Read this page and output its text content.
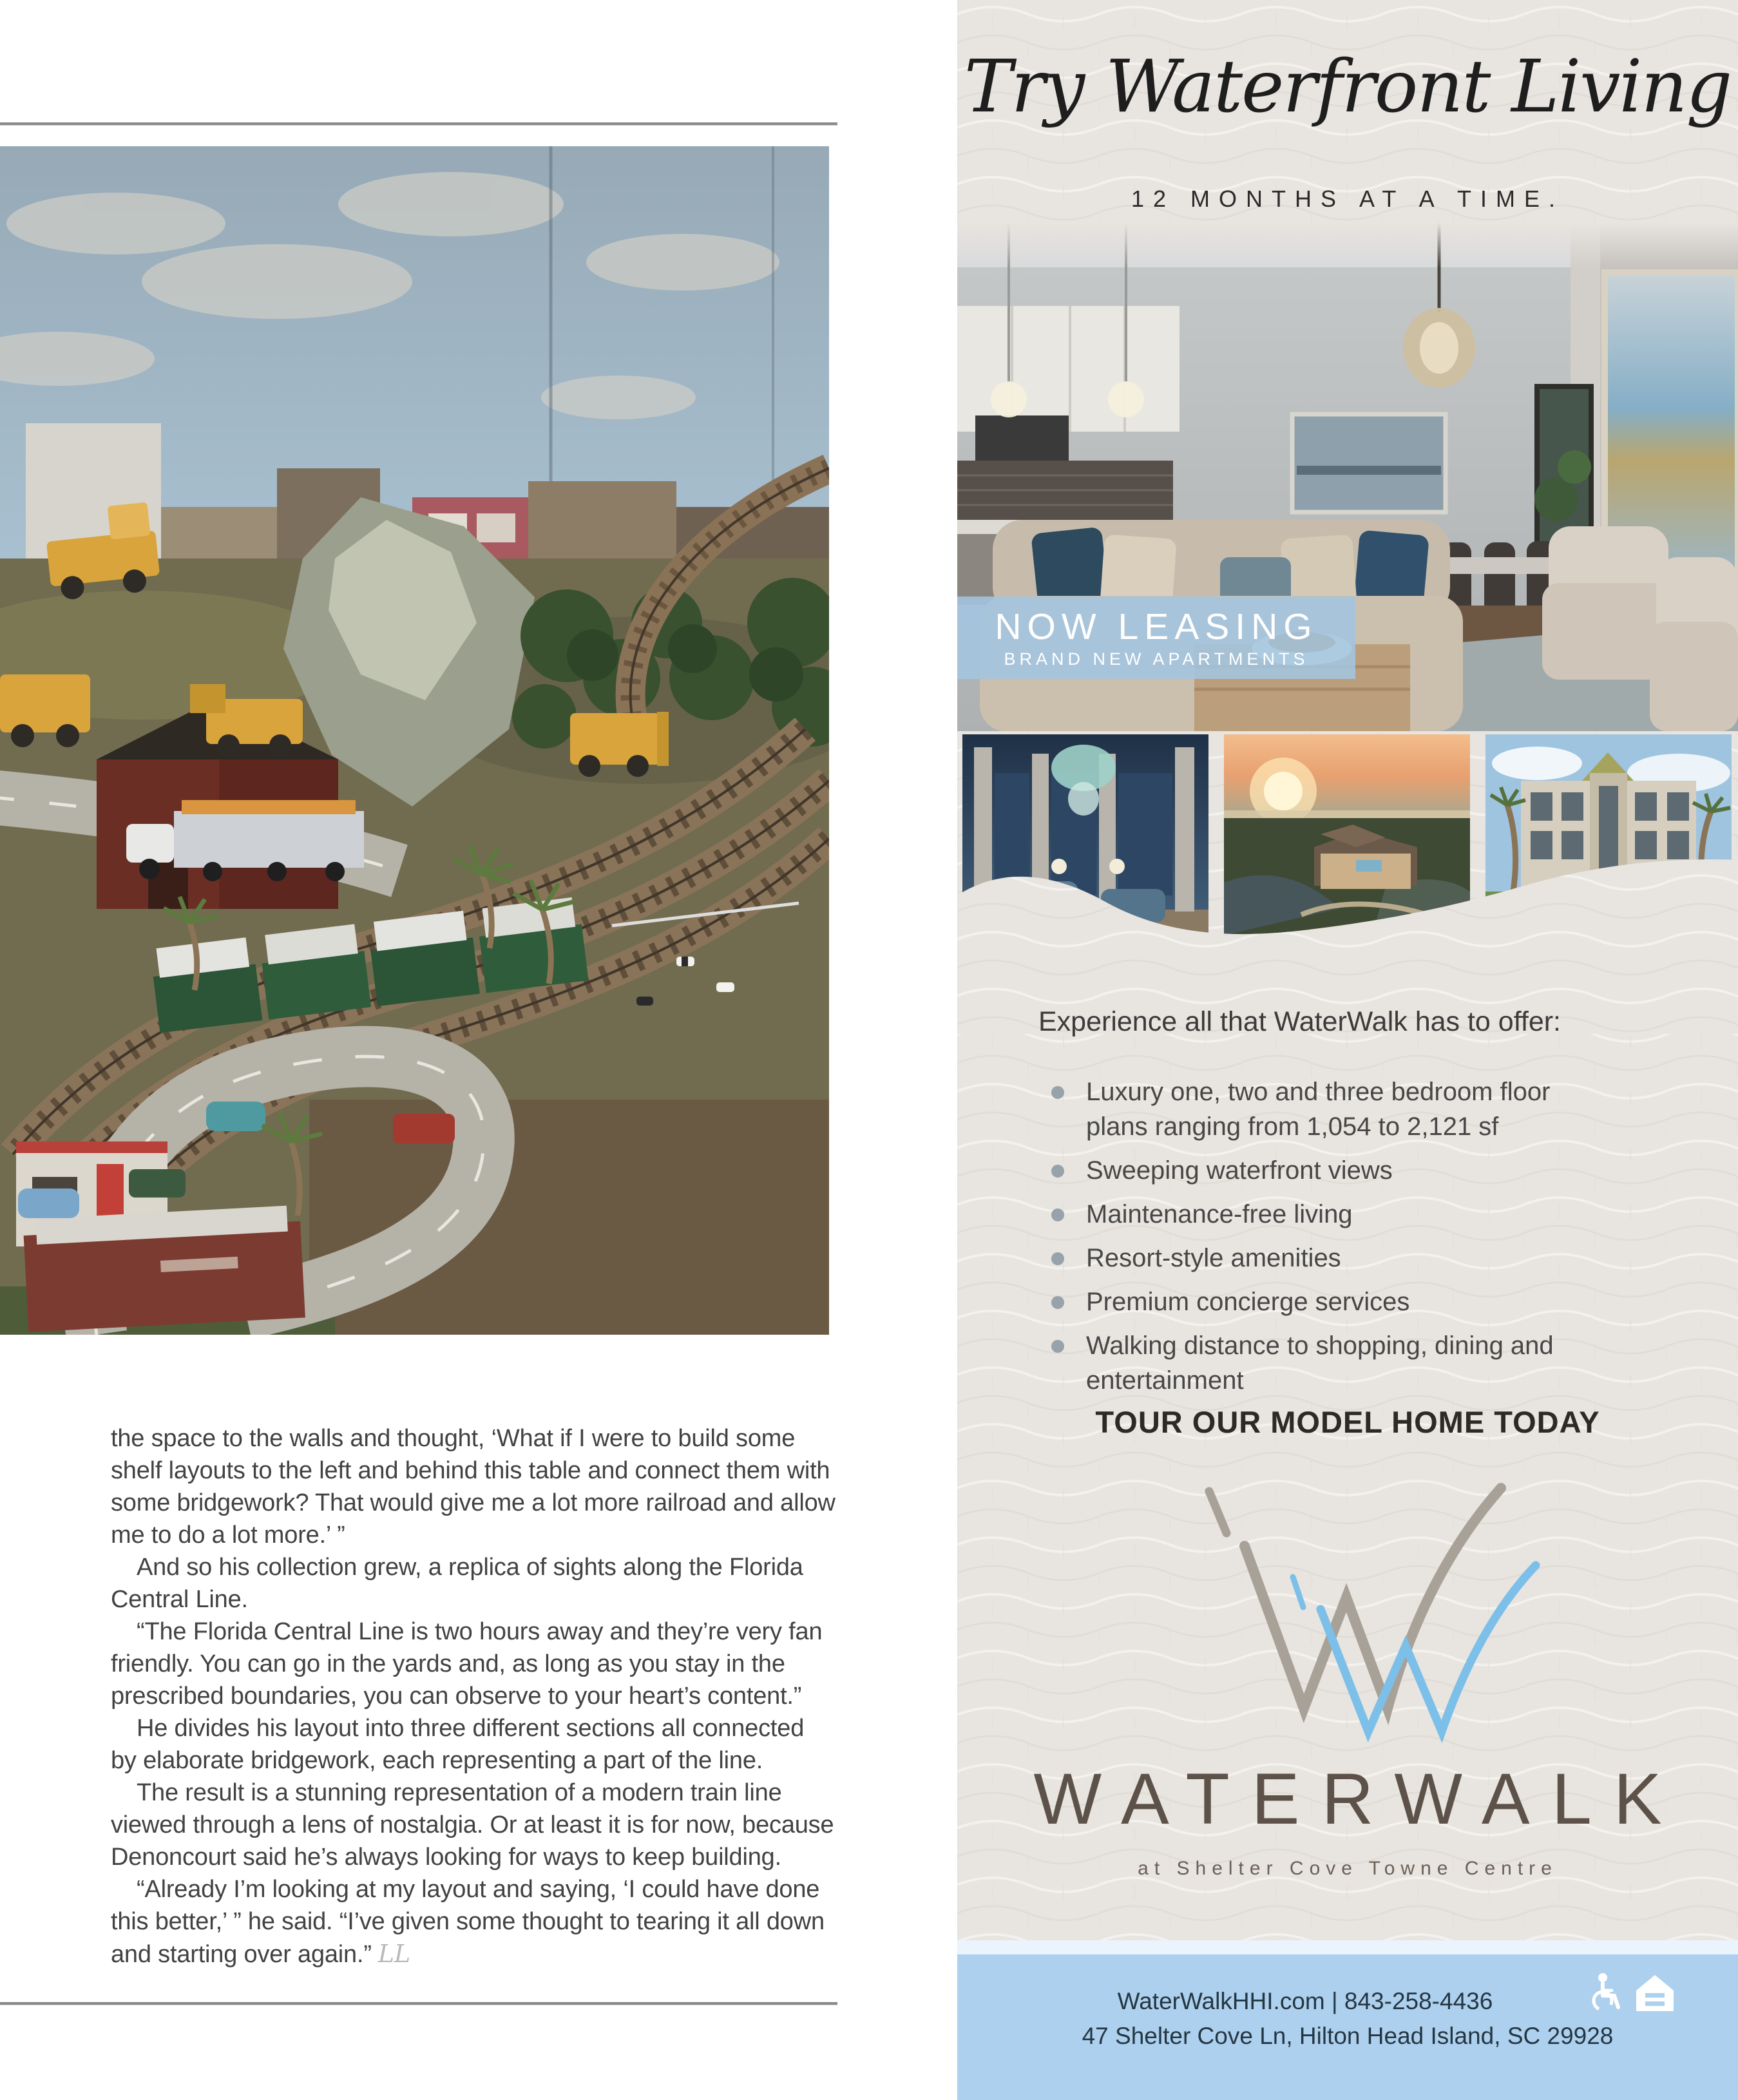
the space to the walls and thought, ‘What if I were to build some shelf layouts to the left and behind this table and connect them with some bridgework? That would give me a lot more railroad and allow me to do a lot more.’ ”

And so his collection grew, a replica of sights along the Florida Central Line.

“The Florida Central Line is two hours away and they’re very fan friendly. You can go in the yards and, as long as you stay in the prescribed boundaries, you can observe to your heart’s content.”

He divides his layout into three different sections all connected by elaborate bridgework, each representing a part of the line.

The result is a stunning representation of a modern train line viewed through a lens of nostalgia. Or at least it is for now, because Denoncourt said he’s always looking for ways to keep building.

“Already I’m looking at my layout and saying, ‘I could have done this better,’ ” he said. “I’ve given some thought to tearing it all down and starting over again.” LL

Try Waterfront Living
12 MONTHS AT A TIME.
NOW LEASING
BRAND NEW APARTMENTS
Experience all that WaterWalk has to offer:
Luxury one, two and three bedroom floor plans ranging from 1,054 to 2,121 sf
Sweeping waterfront views
Maintenance-free living
Resort-style amenities
Premium concierge services
Walking distance to shopping, dining and entertainment
TOUR OUR MODEL HOME TODAY
WATERWALK
at Shelter Cove Towne Centre
WaterWalkHHI.com | 843-258-4436
47 Shelter Cove Ln, Hilton Head Island, SC 29928
